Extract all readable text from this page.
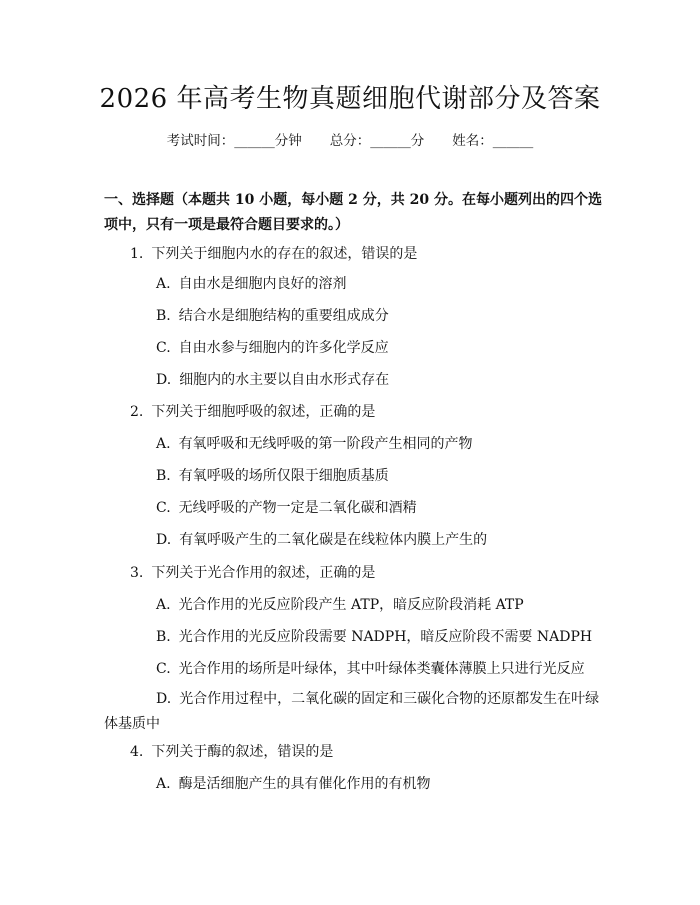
2026 年高考生物真题细胞代谢部分及答案
考试时间：______分钟 总分：______分 姓名：______
一、选择题（本题共 10 小题，每小题 2 分，共 20 分。在每小题列出的四个选项中，只有一项是最符合题目要求的。）
1. 下列关于细胞内水的存在的叙述，错误的是
A. 自由水是细胞内良好的溶剂
B. 结合水是细胞结构的重要组成成分
C. 自由水参与细胞内的许多化学反应
D. 细胞内的水主要以自由水形式存在
2. 下列关于细胞呼吸的叙述，正确的是
A. 有氧呼吸和无线呼吸的第一阶段产生相同的产物
B. 有氧呼吸的场所仅限于细胞质基质
C. 无线呼吸的产物一定是二氧化碳和酒精
D. 有氧呼吸产生的二氧化碳是在线粒体内膜上产生的
3. 下列关于光合作用的叙述，正确的是
A. 光合作用的光反应阶段产生 ATP，暗反应阶段消耗 ATP
B. 光合作用的光反应阶段需要 NADPH，暗反应阶段不需要 NADPH
C. 光合作用的场所是叶绿体，其中叶绿体类囊体薄膜上只进行光反应
D. 光合作用过程中，二氧化碳的固定和三碳化合物的还原都发生在叶绿体基质中
4. 下列关于酶的叙述，错误的是
A. 酶是活细胞产生的具有催化作用的有机物
